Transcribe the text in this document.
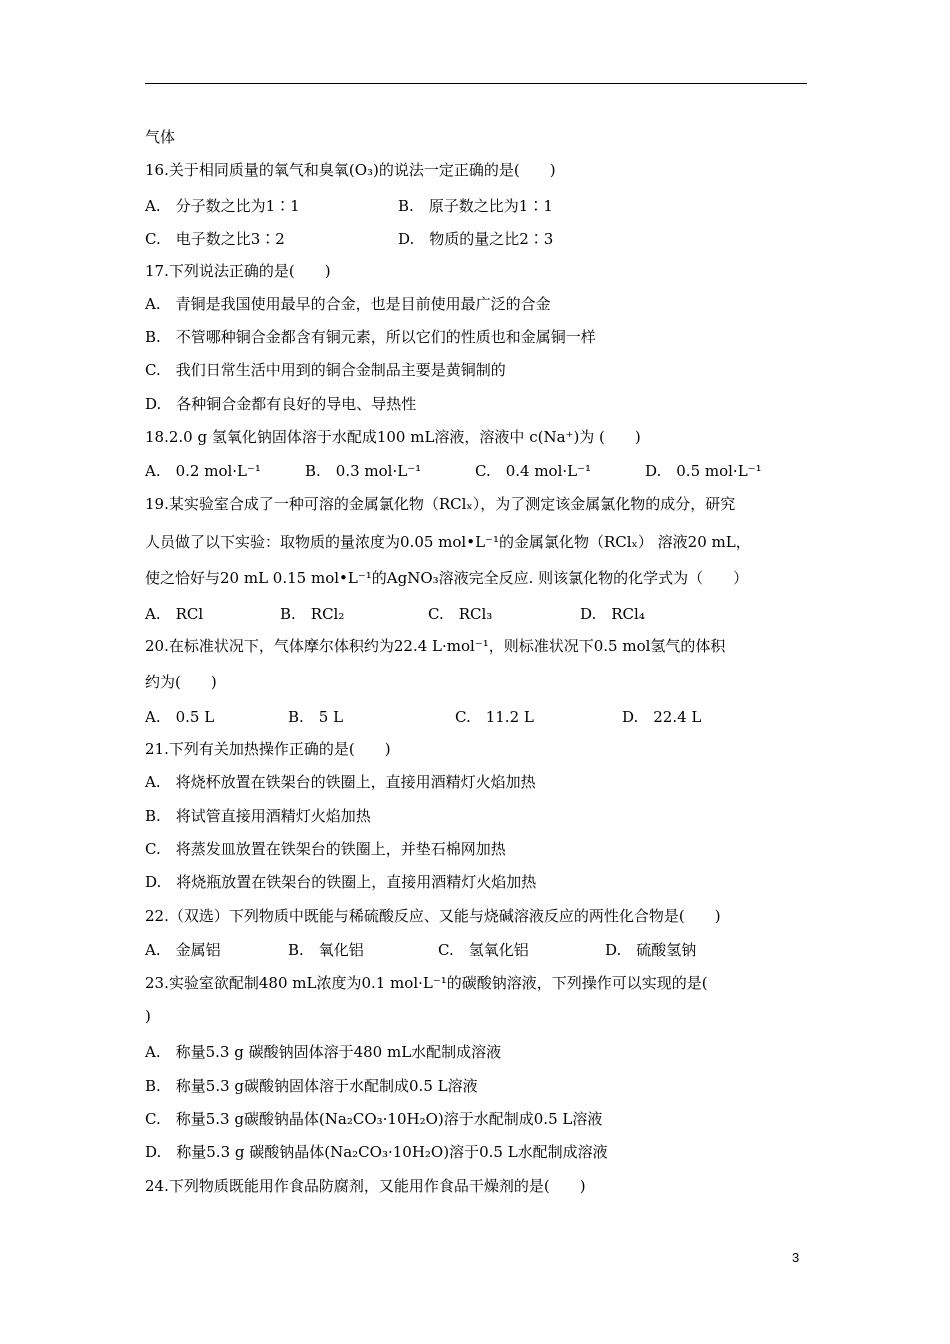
气体
16.关于相同质量的氧气和臭氧(O₃)的说法一定正确的是(　　)
A.　分子数之比为1∶1	B.　原子数之比为1∶1
C.　电子数之比3∶2	D.　物质的量之比2∶3
17.下列说法正确的是(　　)
A.　青铜是我国使用最早的合金，也是目前使用最广泛的合金
B.　不管哪种铜合金都含有铜元素，所以它们的性质也和金属铜一样
C.　我们日常生活中用到的铜合金制品主要是黄铜制的
D.　各种铜合金都有良好的导电、导热性
18.2.0 g 氢氧化钠固体溶于水配成100 mL溶液，溶液中 c(Na⁺)为 (　　)
A.　0.2 mol·L⁻¹	B.　0.3 mol·L⁻¹	C.　0.4 mol·L⁻¹	D.　0.5 mol·L⁻¹
19.某实验室合成了一种可溶的金属氯化物（RClₓ），为了测定该金属氯化物的成分，研究
人员做了以下实验：取物质的量浓度为0.05 mol•L⁻¹的金属氯化物（RClₓ） 溶液20 mL，
使之恰好与20 mL 0.15 mol•L⁻¹的AgNO₃溶液完全反应. 则该氯化物的化学式为（　　）
A.　RCl	B.　RCl₂	C.　RCl₃	D.　RCl₄
20.在标准状况下，气体摩尔体积约为22.4 L·mol⁻¹，则标准状况下0.5 mol氢气的体积
约为(　　)
A.　0.5 L	B.　5 L	C.　11.2 L	D.　22.4 L
21.下列有关加热操作正确的是(　　)
A.　将烧杯放置在铁架台的铁圈上，直接用酒精灯火焰加热
B.　将试管直接用酒精灯火焰加热
C.　将蒸发皿放置在铁架台的铁圈上，并垫石棉网加热
D.　将烧瓶放置在铁架台的铁圈上，直接用酒精灯火焰加热
22.（双选）下列物质中既能与稀硫酸反应、又能与烧碱溶液反应的两性化合物是(　　)
A.　金属铝	B.　氧化铝	C.　氢氧化铝	D.　硫酸氢钠
23.实验室欲配制480 mL浓度为0.1 mol·L⁻¹的碳酸钠溶液，下列操作可以实现的是(
)
A.　称量5.3 g 碳酸钠固体溶于480 mL水配制成溶液
B.　称量5.3 g碳酸钠固体溶于水配制成0.5 L溶液
C.　称量5.3 g碳酸钠晶体(Na₂CO₃·10H₂O)溶于水配制成0.5 L溶液
D.　称量5.3 g 碳酸钠晶体(Na₂CO₃·10H₂O)溶于0.5 L水配制成溶液
24.下列物质既能用作食品防腐剂，又能用作食品干燥剂的是(　　)
3
